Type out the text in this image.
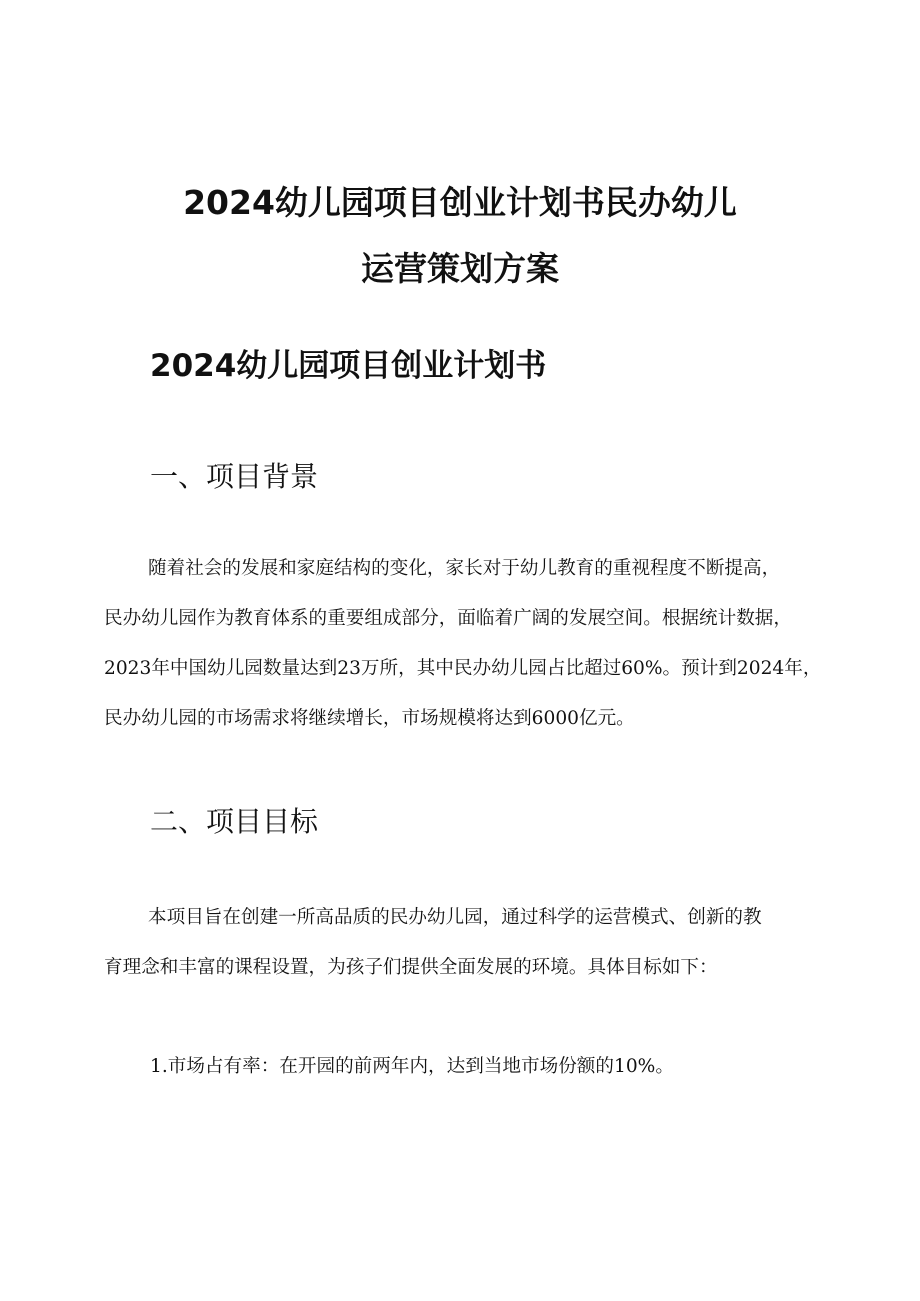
2024幼儿园项目创业计划书民办幼儿
运营策划方案
2024幼儿园项目创业计划书
一、项目背景
随着社会的发展和家庭结构的变化，家长对于幼儿教育的重视程度不断提高，
民办幼儿园作为教育体系的重要组成部分，面临着广阔的发展空间。根据统计数据，
2023年中国幼儿园数量达到23万所，其中民办幼儿园占比超过60%。预计到2024年，
民办幼儿园的市场需求将继续增长，市场规模将达到6000亿元。
二、项目目标
本项目旨在创建一所高品质的民办幼儿园，通过科学的运营模式、创新的教
育理念和丰富的课程设置，为孩子们提供全面发展的环境。具体目标如下：
1.市场占有率：在开园的前两年内，达到当地市场份额的10%。
